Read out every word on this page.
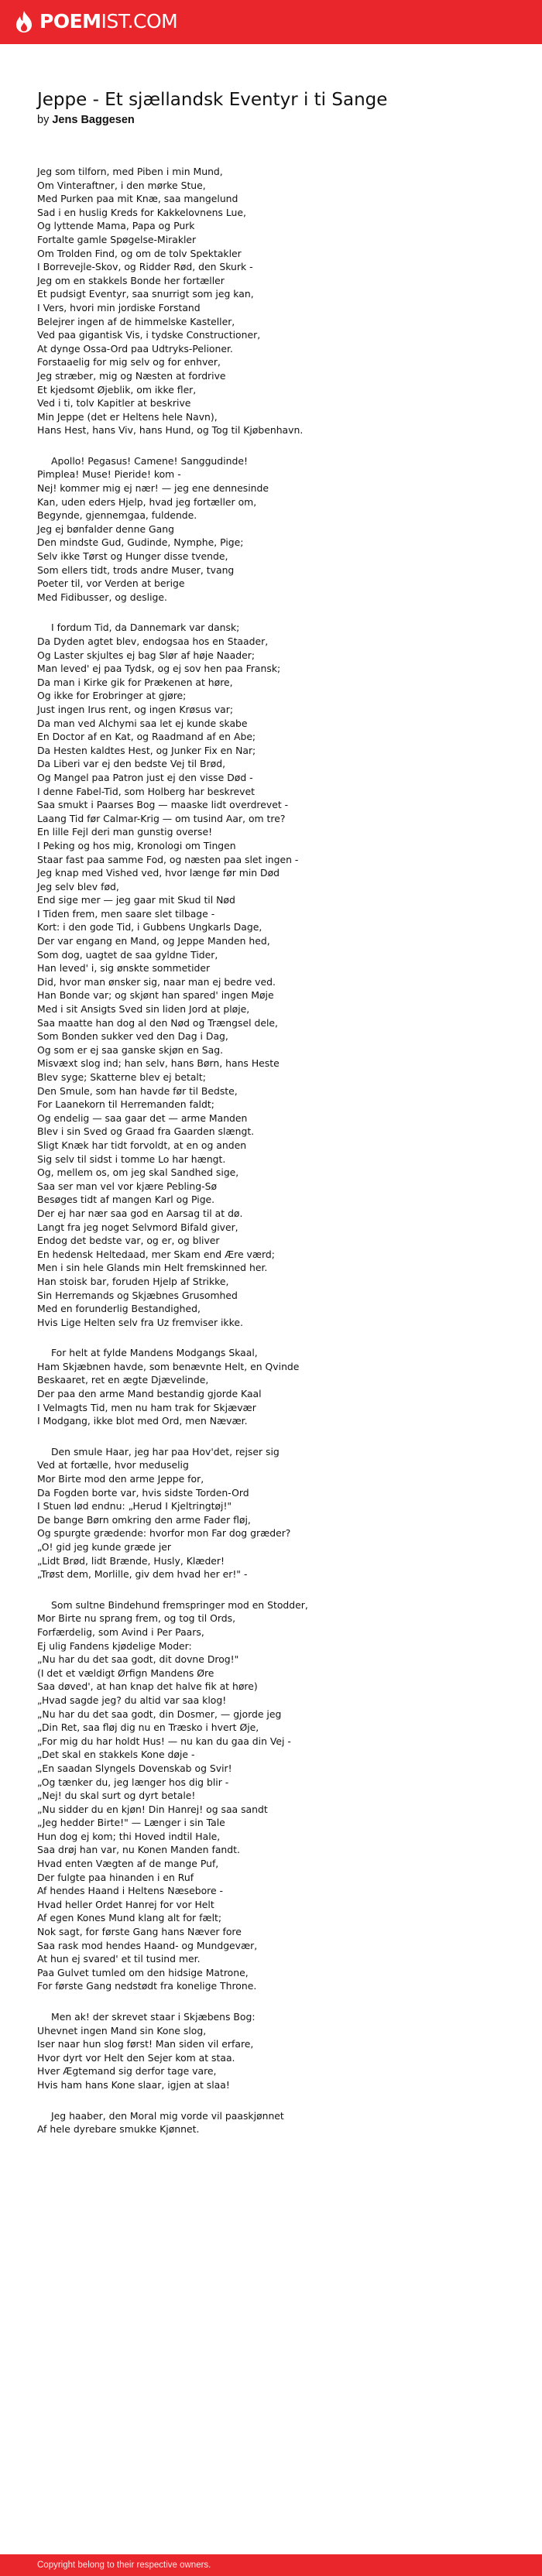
POEMIST.COM
Jeppe - Et sjællandsk Eventyr i ti Sange
by Jens Baggesen
Jeg som tilforn, med Piben i min Mund,
Om Vinteraftner, i den mørke Stue,
Med Purken paa mit Knæ, saa mangelund
Sad i en huslig Kreds for Kakkelovnens Lue,
Og lyttende Mama, Papa og Purk
Fortalte gamle Spøgelse-Mirakler
Om Trolden Find, og om de tolv Spektakler
I Borrevejle-Skov, og Ridder Rød, den Skurk -
Jeg om en stakkels Bonde her fortæller
Et pudsigt Eventyr, saa snurrigt som jeg kan,
I Vers, hvori min jordiske Forstand
Belejrer ingen af de himmelske Kasteller,
Ved paa gigantisk Vis, i tydske Constructioner,
At dynge Ossa-Ord paa Udtryks-Pelioner.
Forstaaelig for mig selv og for enhver,
Jeg stræber, mig og Næsten at fordrive
Et kjedsomt Øjeblik, om ikke fler,
Ved i ti, tolv Kapitler at beskrive
Min Jeppe (det er Heltens hele Navn),
Hans Hest, hans Viv, hans Hund, og Tog til Kjøbenhavn.
Apollo! Pegasus! Camene! Sanggudinde!
Pimplea! Muse! Pieride! kom -
Nej! kommer mig ej nær! — jeg ene dennesinde
Kan, uden eders Hjelp, hvad jeg fortæller om,
Begynde, gjennemgaa, fuldende.
Jeg ej bønfalder denne Gang
Den mindste Gud, Gudinde, Nymphe, Pige;
Selv ikke Tørst og Hunger disse tvende,
Som ellers tidt, trods andre Muser, tvang
Poeter til, vor Verden at berige
Med Fidibusser, og deslige.
I fordum Tid, da Dannemark var dansk;
Da Dyden agtet blev, endogsaa hos en Staader,
Og Laster skjultes ej bag Slør af høje Naader;
Man leved' ej paa Tydsk, og ej sov hen paa Fransk;
Da man i Kirke gik for Prækenen at høre,
Og ikke for Erobringer at gjøre;
Just ingen Irus rent, og ingen Krøsus var;
Da man ved Alchymi saa let ej kunde skabe
En Doctor af en Kat, og Raadmand af en Abe;
Da Hesten kaldtes Hest, og Junker Fix en Nar;
Da Liberi var ej den bedste Vej til Brød,
Og Mangel paa Patron just ej den visse Død -
I denne Fabel-Tid, som Holberg har beskrevet
Saa smukt i Paarses Bog — maaske lidt overdrevet -
Laang Tid før Calmar-Krig — om tusind Aar, om tre?
En lille Fejl deri man gunstig overse!
I Peking og hos mig, Kronologi om Tingen
Staar fast paa samme Fod, og næsten paa slet ingen -
Jeg knap med Vished ved, hvor længe før min Død
Jeg selv blev fød,
End sige mer — jeg gaar mit Skud til Nød
I Tiden frem, men saare slet tilbage -
Kort: i den gode Tid, i Gubbens Ungkarls Dage,
Der var engang en Mand, og Jeppe Manden hed,
Som dog, uagtet de saa gyldne Tider,
Han leved' i, sig ønskte sommetider
Did, hvor man ønsker sig, naar man ej bedre ved.
Han Bonde var; og skjønt han spared' ingen Møje
Med i sit Ansigts Sved sin liden Jord at pløje,
Saa maatte han dog al den Nød og Trængsel dele,
Som Bonden sukker ved den Dag i Dag,
Og som er ej saa ganske skjøn en Sag.
Misvæxt slog ind; han selv, hans Børn, hans Heste
Blev syge; Skatterne blev ej betalt;
Den Smule, som han havde før til Bedste,
For Laanekorn til Herremanden faldt;
Og endelig — saa gaar det — arme Manden
Blev i sin Sved og Graad fra Gaarden slængt.
Sligt Knæk har tidt forvoldt, at en og anden
Sig selv til sidst i tomme Lo har hængt.
Og, mellem os, om jeg skal Sandhed sige,
Saa ser man vel vor kjære Pebling-Sø
Besøges tidt af mangen Karl og Pige.
Der ej har nær saa god en Aarsag til at dø.
Langt fra jeg noget Selvmord Bifald giver,
Endog det bedste var, og er, og bliver
En hedensk Heltedaad, mer Skam end Ære værd;
Men i sin hele Glands min Helt fremskinned her.
Han stoisk bar, foruden Hjelp af Strikke,
Sin Herremands og Skjæbnes Grusomhed
Med en forunderlig Bestandighed,
Hvis Lige Helten selv fra Uz fremviser ikke.
For helt at fylde Mandens Modgangs Skaal,
Ham Skjæbnen havde, som benævnte Helt, en Qvinde
Beskaaret, ret en ægte Djævelinde,
Der paa den arme Mand bestandig gjorde Kaal
I Velmagts Tid, men nu ham trak for Skjævær
I Modgang, ikke blot med Ord, men Nævær.
Den smule Haar, jeg har paa Hov'det, rejser sig
Ved at fortælle, hvor meduselig
Mor Birte mod den arme Jeppe for,
Da Fogden borte var, hvis sidste Torden-Ord
I Stuen lød endnu: „Herud I Kjeltringtøj!"
De bange Børn omkring den arme Fader fløj,
Og spurgte grædende: hvorfor mon Far dog græder?
„O! gid jeg kunde græde jer
„Lidt Brød, lidt Brænde, Husly, Klæder!
„Trøst dem, Morlille, giv dem hvad her er!" -
Som sultne Bindehund fremspringer mod en Stodder,
Mor Birte nu sprang frem, og tog til Ords,
Forfærdelig, som Avind i Per Paars,
Ej ulig Fandens kjødelige Moder:
„Nu har du det saa godt, dit dovne Drog!"
(I det et vældigt Ørfign Mandens Øre
Saa døved', at han knap det halve fik at høre)
„Hvad sagde jeg? du altid var saa klog!
„Nu har du det saa godt, din Dosmer, — gjorde jeg
„Din Ret, saa fløj dig nu en Træsko i hvert Øje,
„For mig du har holdt Hus! — nu kan du gaa din Vej -
„Det skal en stakkels Kone døje -
„En saadan Slyngels Dovenskab og Svir!
„Og tænker du, jeg længer hos dig blir -
„Nej! du skal surt og dyrt betale!
„Nu sidder du en kjøn! Din Hanrej! og saa sandt
„Jeg hedder Birte!" — Længer i sin Tale
Hun dog ej kom; thi Hoved indtil Hale,
Saa drøj han var, nu Konen Manden fandt.
Hvad enten Vægten af de mange Puf,
Der fulgte paa hinanden i en Ruf
Af hendes Haand i Heltens Næsebore -
Hvad heller Ordet Hanrej for vor Helt
Af egen Kones Mund klang alt for fælt;
Nok sagt, for første Gang hans Næver fore
Saa rask mod hendes Haand- og Mundgevær,
At hun ej svared' et til tusind mer.
Paa Gulvet tumled om den hidsige Matrone,
For første Gang nedstødt fra konelige Throne.
Men ak! der skrevet staar i Skjæbens Bog:
Uhevnet ingen Mand sin Kone slog,
Iser naar hun slog først! Man siden vil erfare,
Hvor dyrt vor Helt den Sejer kom at staa.
Hver Ægtemand sig derfor tage vare,
Hvis ham hans Kone slaar, igjen at slaa!
Jeg haaber, den Moral mig vorde vil paaskjønnet
Af hele dyrebare smukke Kjønnet.
Copyright belong to their respective owners.
